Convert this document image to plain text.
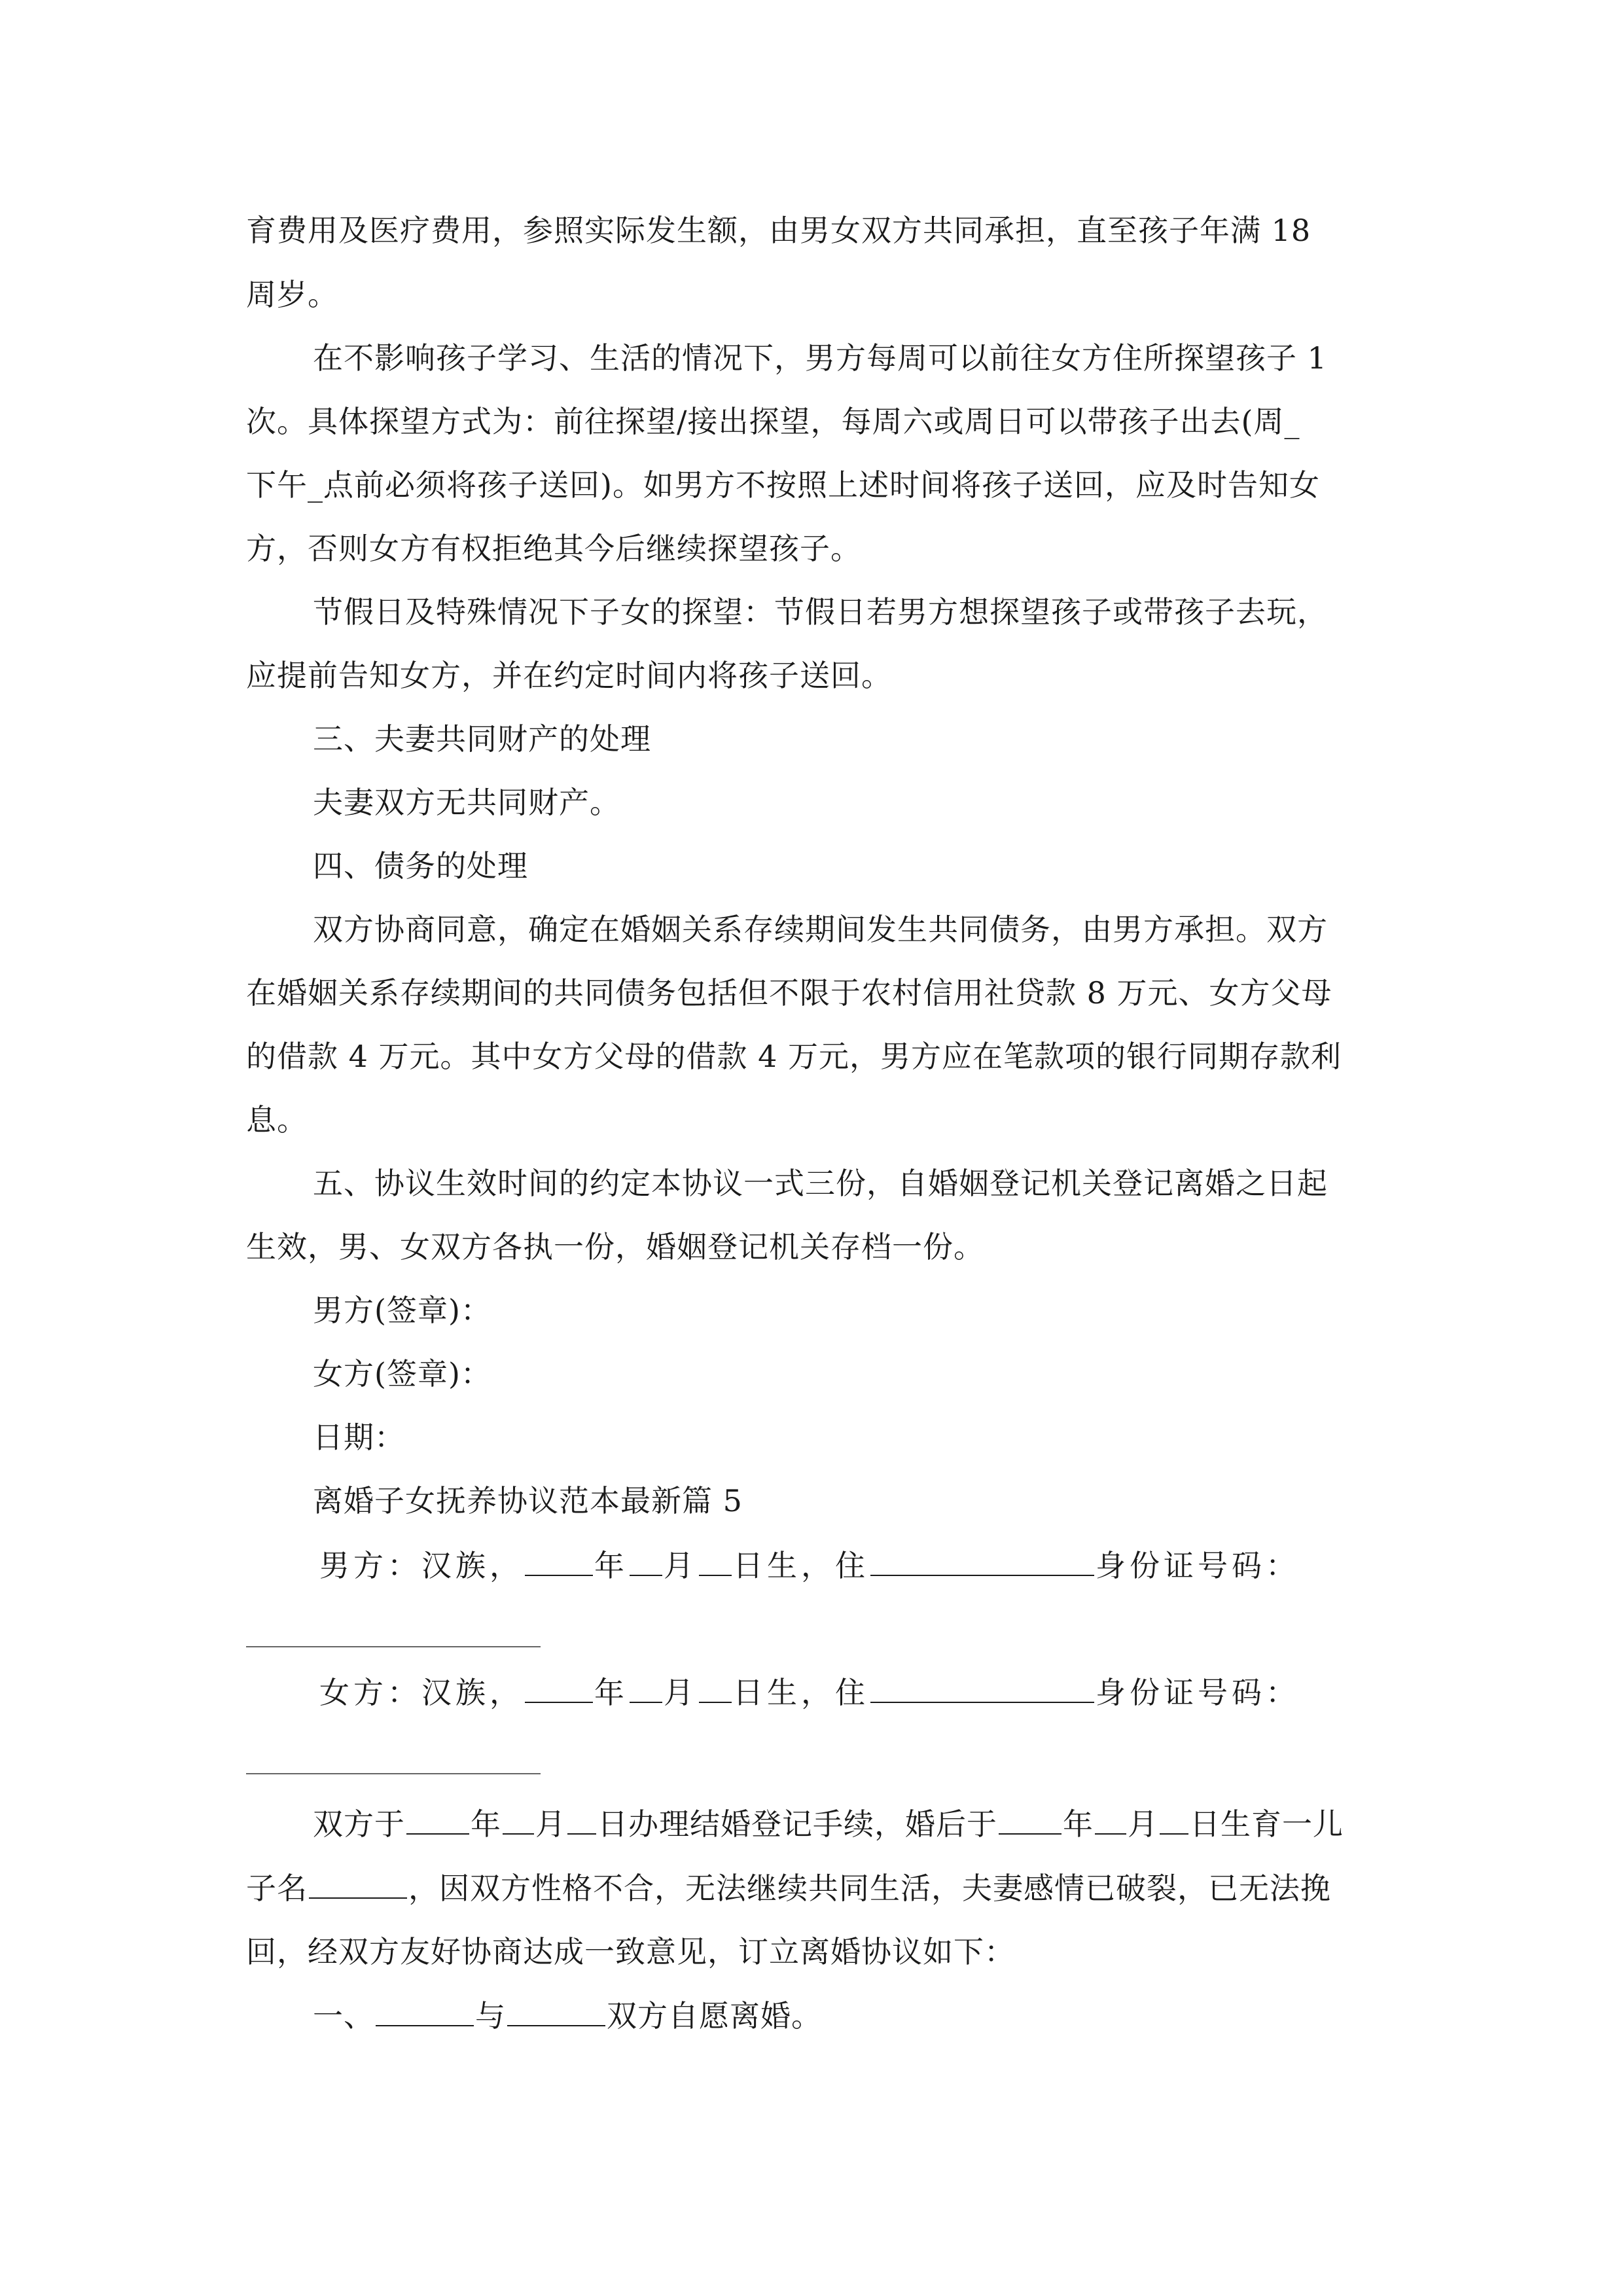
育费用及医疗费用，参照实际发生额，由男女双方共同承担，直至孩子年满 18

周岁。

在不影响孩子学习、生活的情况下，男方每周可以前往女方住所探望孩子 1

次。具体探望方式为：前往探望/接出探望，每周六或周日可以带孩子出去(周_

下午_点前必须将孩子送回)。如男方不按照上述时间将孩子送回，应及时告知女

方，否则女方有权拒绝其今后继续探望孩子。

节假日及特殊情况下子女的探望：节假日若男方想探望孩子或带孩子去玩，

应提前告知女方，并在约定时间内将孩子送回。

三、夫妻共同财产的处理

夫妻双方无共同财产。

四、债务的处理

双方协商同意，确定在婚姻关系存续期间发生共同债务，由男方承担。双方

在婚姻关系存续期间的共同债务包括但不限于农村信用社贷款 8 万元、女方父母

的借款 4 万元。其中女方父母的借款 4 万元，男方应在笔款项的银行同期存款利

息。

五、协议生效时间的约定本协议一式三份，自婚姻登记机关登记离婚之日起

生效，男、女双方各执一份，婚姻登记机关存档一份。

男方(签章)：

女方(签章)：

日期：

离婚子女抚养协议范本最新篇 5

男方：汉族， 年 月 日生，住	身份证号码：

女方：汉族， 年 月 日生，住	身份证号码：

双方于 年 月 日办理结婚登记手续，婚后于 年 月 日生育一儿

子名	，因双方性格不合，无法继续共同生活，夫妻感情已破裂，已无法挽

回，经双方友好协商达成一致意见，订立离婚协议如下：

一、	与	双方自愿离婚。
